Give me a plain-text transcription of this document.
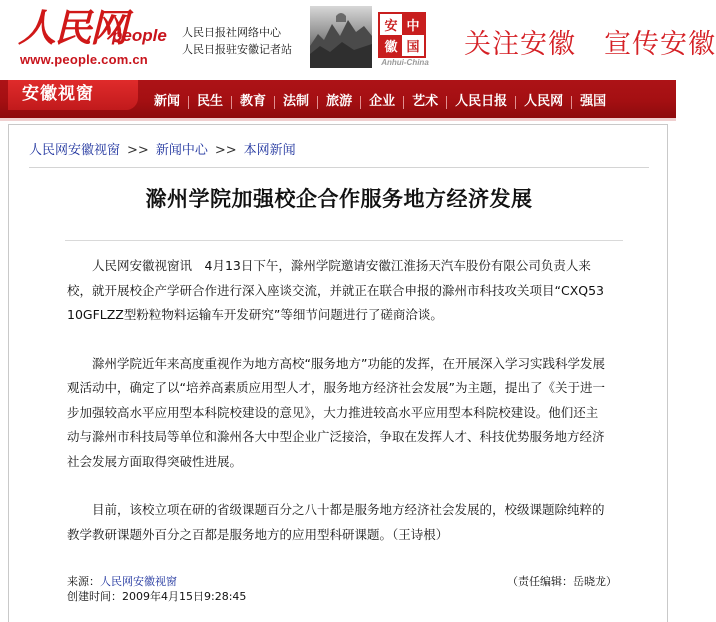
人民网
people
www.people.com.cn
人民日报社网络中心
人民日报驻安徽记者站
安 中
徽 国
Anhui-China
关注安徽　宣传安徽
安徽视窗	新闻	民生	教育	法制	旅游	企业	艺术	人民日报	人民网	强国
人民网安徽视窗 >> 新闻中心 >> 本网新闻
滁州学院加强校企合作服务地方经济发展

人民网安徽视窗讯　4月13日下午，滁州学院邀请安徽江淮扬天汽车股份有限公司负责人来校，就开展校企产学研合作进行深入座谈交流，并就正在联合申报的滁州市科技攻关项目“CXQ5310GFLZZ型粉粒物料运输车开发研究”等细节问题进行了磋商洽谈。

滁州学院近年来高度重视作为地方高校“服务地方”功能的发挥，在开展深入学习实践科学发展观活动中，确定了以“培养高素质应用型人才，服务地方经济社会发展”为主题，提出了《关于进一步加强较高水平应用型本科院校建设的意见》，大力推进较高水平应用型本科院校建设。他们还主动与滁州市科技局等单位和滁州各大中型企业广泛接洽，争取在发挥人才、科技优势服务地方经济社会发展方面取得突破性进展。

目前，该校立项在研的省级课题百分之八十都是服务地方经济社会发展的，校级课题除纯粹的教学教研课题外百分之百都是服务地方的应用型科研课题。（王诗根）

来源：人民网安徽视窗
创建时间：2009年4月15日9:28:45
（责任编辑：岳晓龙）
